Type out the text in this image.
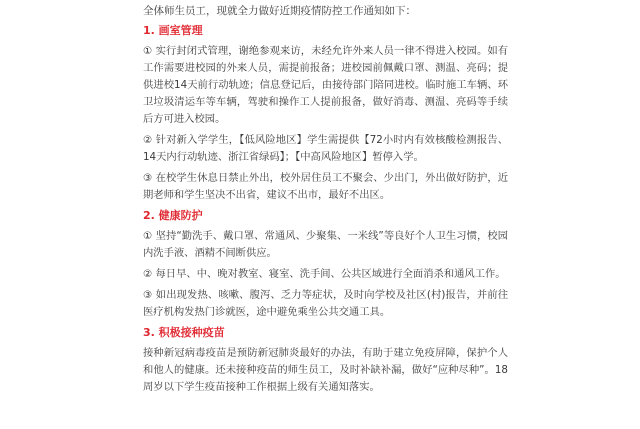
全体师生员工，现就全力做好近期疫情防控工作通知如下：

1. 画室管理

① 实行封闭式管理，谢绝参观来访，未经允许外来人员一律不得进入校园。如有工作需要进校园的外来人员，需提前报备；进校园前佩戴口罩、测温、亮码；提供进校14天前行动轨迹；信息登记后，由接待部门陪同进校。临时施工车辆、环卫垃圾清运车等车辆，驾驶和操作工人提前报备，做好消毒、测温、亮码等手续后方可进入校园。

② 针对新入学学生，【低风险地区】学生需提供【72小时内有效核酸检测报告、14天内行动轨迹、浙江省绿码】；【中高风险地区】暂停入学。

③ 在校学生休息日禁止外出，校外居住员工不聚会、少出门，外出做好防护，近期老师和学生坚决不出省，建议不出市，最好不出区。

2. 健康防护

① 坚持“勤洗手、戴口罩、常通风、少聚集、一米线”等良好个人卫生习惯，校园内洗手液、酒精不间断供应。

② 每日早、中、晚对教室、寝室、洗手间、公共区域进行全面消杀和通风工作。

③ 如出现发热、咳嗽、腹泻、乏力等症状，及时向学校及社区(村)报告，并前往医疗机构发热门诊就医，途中避免乘坐公共交通工具。

3. 积极接种疫苗

接种新冠病毒疫苗是预防新冠肺炎最好的办法，有助于建立免疫屏障，保护个人和他人的健康。还未接种疫苗的师生员工，及时补缺补漏，做好“应种尽种”。18周岁以下学生疫苗接种工作根据上级有关通知落实。
